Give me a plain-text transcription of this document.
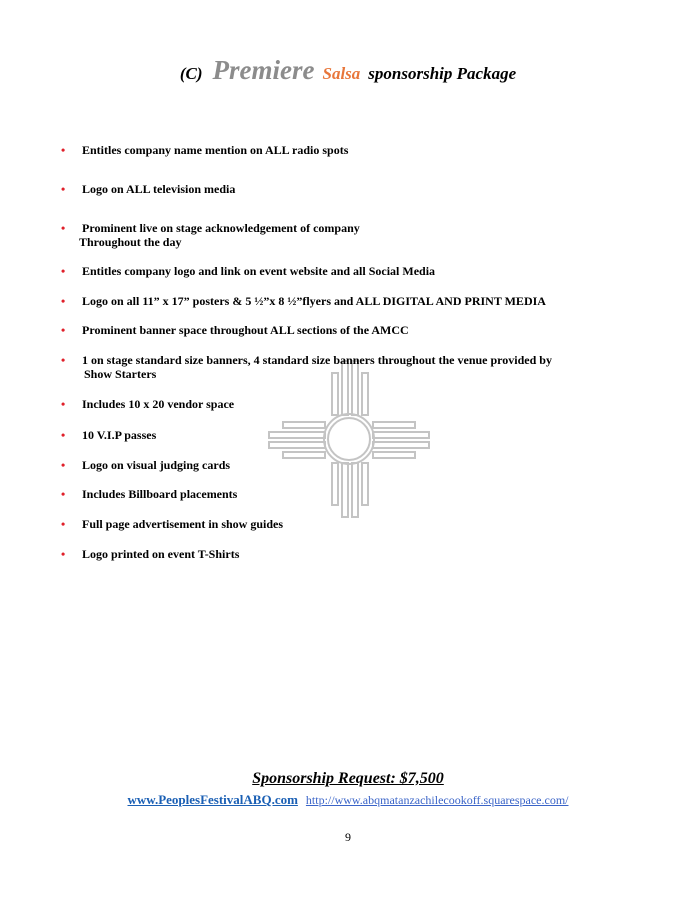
(C) Premiere Salsa sponsorship Package
• Entitles company name mention on ALL radio spots
• Logo on ALL television media
• Prominent live on stage acknowledgement of company
Throughout the day
• Entitles company logo and link on event website and all Social Media
• Logo on all 11” x 17” posters & 5 ½”x 8 ½”flyers and ALL DIGITAL AND PRINT MEDIA
• Prominent banner space throughout ALL sections of the AMCC
• 1 on stage standard size banners, 4 standard size banners throughout the venue provided by
Show Starters
• Includes 10 x 20 vendor space
• 10 V.I.P passes
• Logo on visual judging cards
• Includes Billboard placements
• Full page advertisement in show guides
• Logo printed on event T-Shirts
Sponsorship Request: $7,500
www.PeoplesFestivalABQ.com http://www.abqmatanzachilecookoff.squarespace.com/
9
